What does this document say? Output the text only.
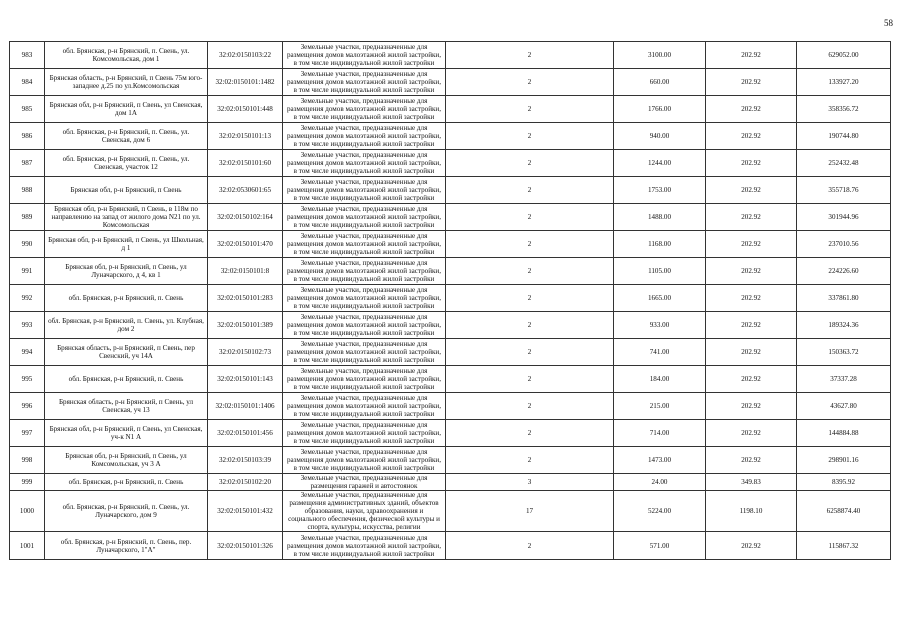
58
983	обл. Брянская, р-н Брянский, п. Свень, ул. Комсомольская, дом 1	32:02:0150103:22	Земельные участки, предназначенные для размещения домов малоэтажной жилой застройки, в том числе индивидуальной жилой застройки	2	3100.00	202.92	629052.00
984	Брянская область, р-н Брянский, п Свень 75м юго-западнее д.25 по ул.Комсомольская	32:02:0150101:1482	Земельные участки, предназначенные для размещения домов малоэтажной жилой застройки, в том числе индивидуальной жилой застройки	2	660.00	202.92	133927.20
985	Брянская обл, р-н Брянский, п Свень, ул Свенская, дом 1А	32:02:0150101:448	Земельные участки, предназначенные для размещения домов малоэтажной жилой застройки, в том числе индивидуальной жилой застройки	2	1766.00	202.92	358356.72
986	обл. Брянская, р-н Брянский, п. Свень, ул. Свенская, дом 6	32:02:0150101:13	Земельные участки, предназначенные для размещения домов малоэтажной жилой застройки, в том числе индивидуальной жилой застройки	2	940.00	202.92	190744.80
987	обл. Брянская, р-н Брянский, п. Свень, ул. Свенская, участок 12	32:02:0150101:60	Земельные участки, предназначенные для размещения домов малоэтажной жилой застройки, в том числе индивидуальной жилой застройки	2	1244.00	202.92	252432.48
988	Брянская обл, р-н Брянский, п Свень	32:02:0530601:65	Земельные участки, предназначенные для размещения домов малоэтажной жилой застройки, в том числе индивидуальной жилой застройки	2	1753.00	202.92	355718.76
989	Брянская обл, р-н Брянский, п Свень, в 118м по направлению на запад от жилого дома N21 по ул. Комсомольская	32:02:0150102:164	Земельные участки, предназначенные для размещения домов малоэтажной жилой застройки, в том числе индивидуальной жилой застройки	2	1488.00	202.92	301944.96
990	Брянская обл, р-н Брянский, п Свень, ул Школьная, д 1	32:02:0150101:470	Земельные участки, предназначенные для размещения домов малоэтажной жилой застройки, в том числе индивидуальной жилой застройки	2	1168.00	202.92	237010.56
991	Брянская обл, р-н Брянский, п Свень, ул Луначарского, д 4, кв 1	32:02:0150101:8	Земельные участки, предназначенные для размещения домов малоэтажной жилой застройки, в том числе индивидуальной жилой застройки	2	1105.00	202.92	224226.60
992	обл. Брянская, р-н Брянский, п. Свень	32:02:0150101:283	Земельные участки, предназначенные для размещения домов малоэтажной жилой застройки, в том числе индивидуальной жилой застройки	2	1665.00	202.92	337861.80
993	обл. Брянская, р-н Брянский, п. Свень, ул. Клубная, дом 2	32:02:0150101:389	Земельные участки, предназначенные для размещения домов малоэтажной жилой застройки, в том числе индивидуальной жилой застройки	2	933.00	202.92	189324.36
994	Брянская область, р-н Брянский, п Свень, пер Свенский, уч 14А	32:02:0150102:73	Земельные участки, предназначенные для размещения домов малоэтажной жилой застройки, в том числе индивидуальной жилой застройки	2	741.00	202.92	150363.72
995	обл. Брянская, р-н Брянский, п. Свень	32:02:0150101:143	Земельные участки, предназначенные для размещения домов малоэтажной жилой застройки, в том числе индивидуальной жилой застройки	2	184.00	202.92	37337.28
996	Брянская область, р-н Брянский, п Свень, ул Свенская, уч 13	32:02:0150101:1406	Земельные участки, предназначенные для размещения домов малоэтажной жилой застройки, в том числе индивидуальной жилой застройки	2	215.00	202.92	43627.80
997	Брянская обл, р-н Брянский, п Свень, ул Свенская, уч-к N1 А	32:02:0150101:456	Земельные участки, предназначенные для размещения домов малоэтажной жилой застройки, в том числе индивидуальной жилой застройки	2	714.00	202.92	144884.88
998	Брянская обл, р-н Брянский, п Свень, ул Комсомольская, уч 3 А	32:02:0150103:39	Земельные участки, предназначенные для размещения домов малоэтажной жилой застройки, в том числе индивидуальной жилой застройки	2	1473.00	202.92	298901.16
999	обл. Брянская, р-н Брянский, п. Свень	32:02:0150102:20	Земельные участки, предназначенные для размещения гаражей и автостоянок	3	24.00	349.83	8395.92
1000	обл. Брянская, р-н Брянский, п. Свень, ул. Луначарского, дом 9	32:02:0150101:432	Земельные участки, предназначенные для размещения административных зданий, объектов образования, науки, здравоохранения и социального обеспечения, физической культуры и спорта, культуры, искусства, религии	17	5224.00	1198.10	6258874.40
1001	обл. Брянская, р-н Брянский, п. Свень, пер. Луначарского, 1"А"	32:02:0150101:326	Земельные участки, предназначенные для размещения домов малоэтажной жилой застройки, в том числе индивидуальной жилой застройки	2	571.00	202.92	115867.32
